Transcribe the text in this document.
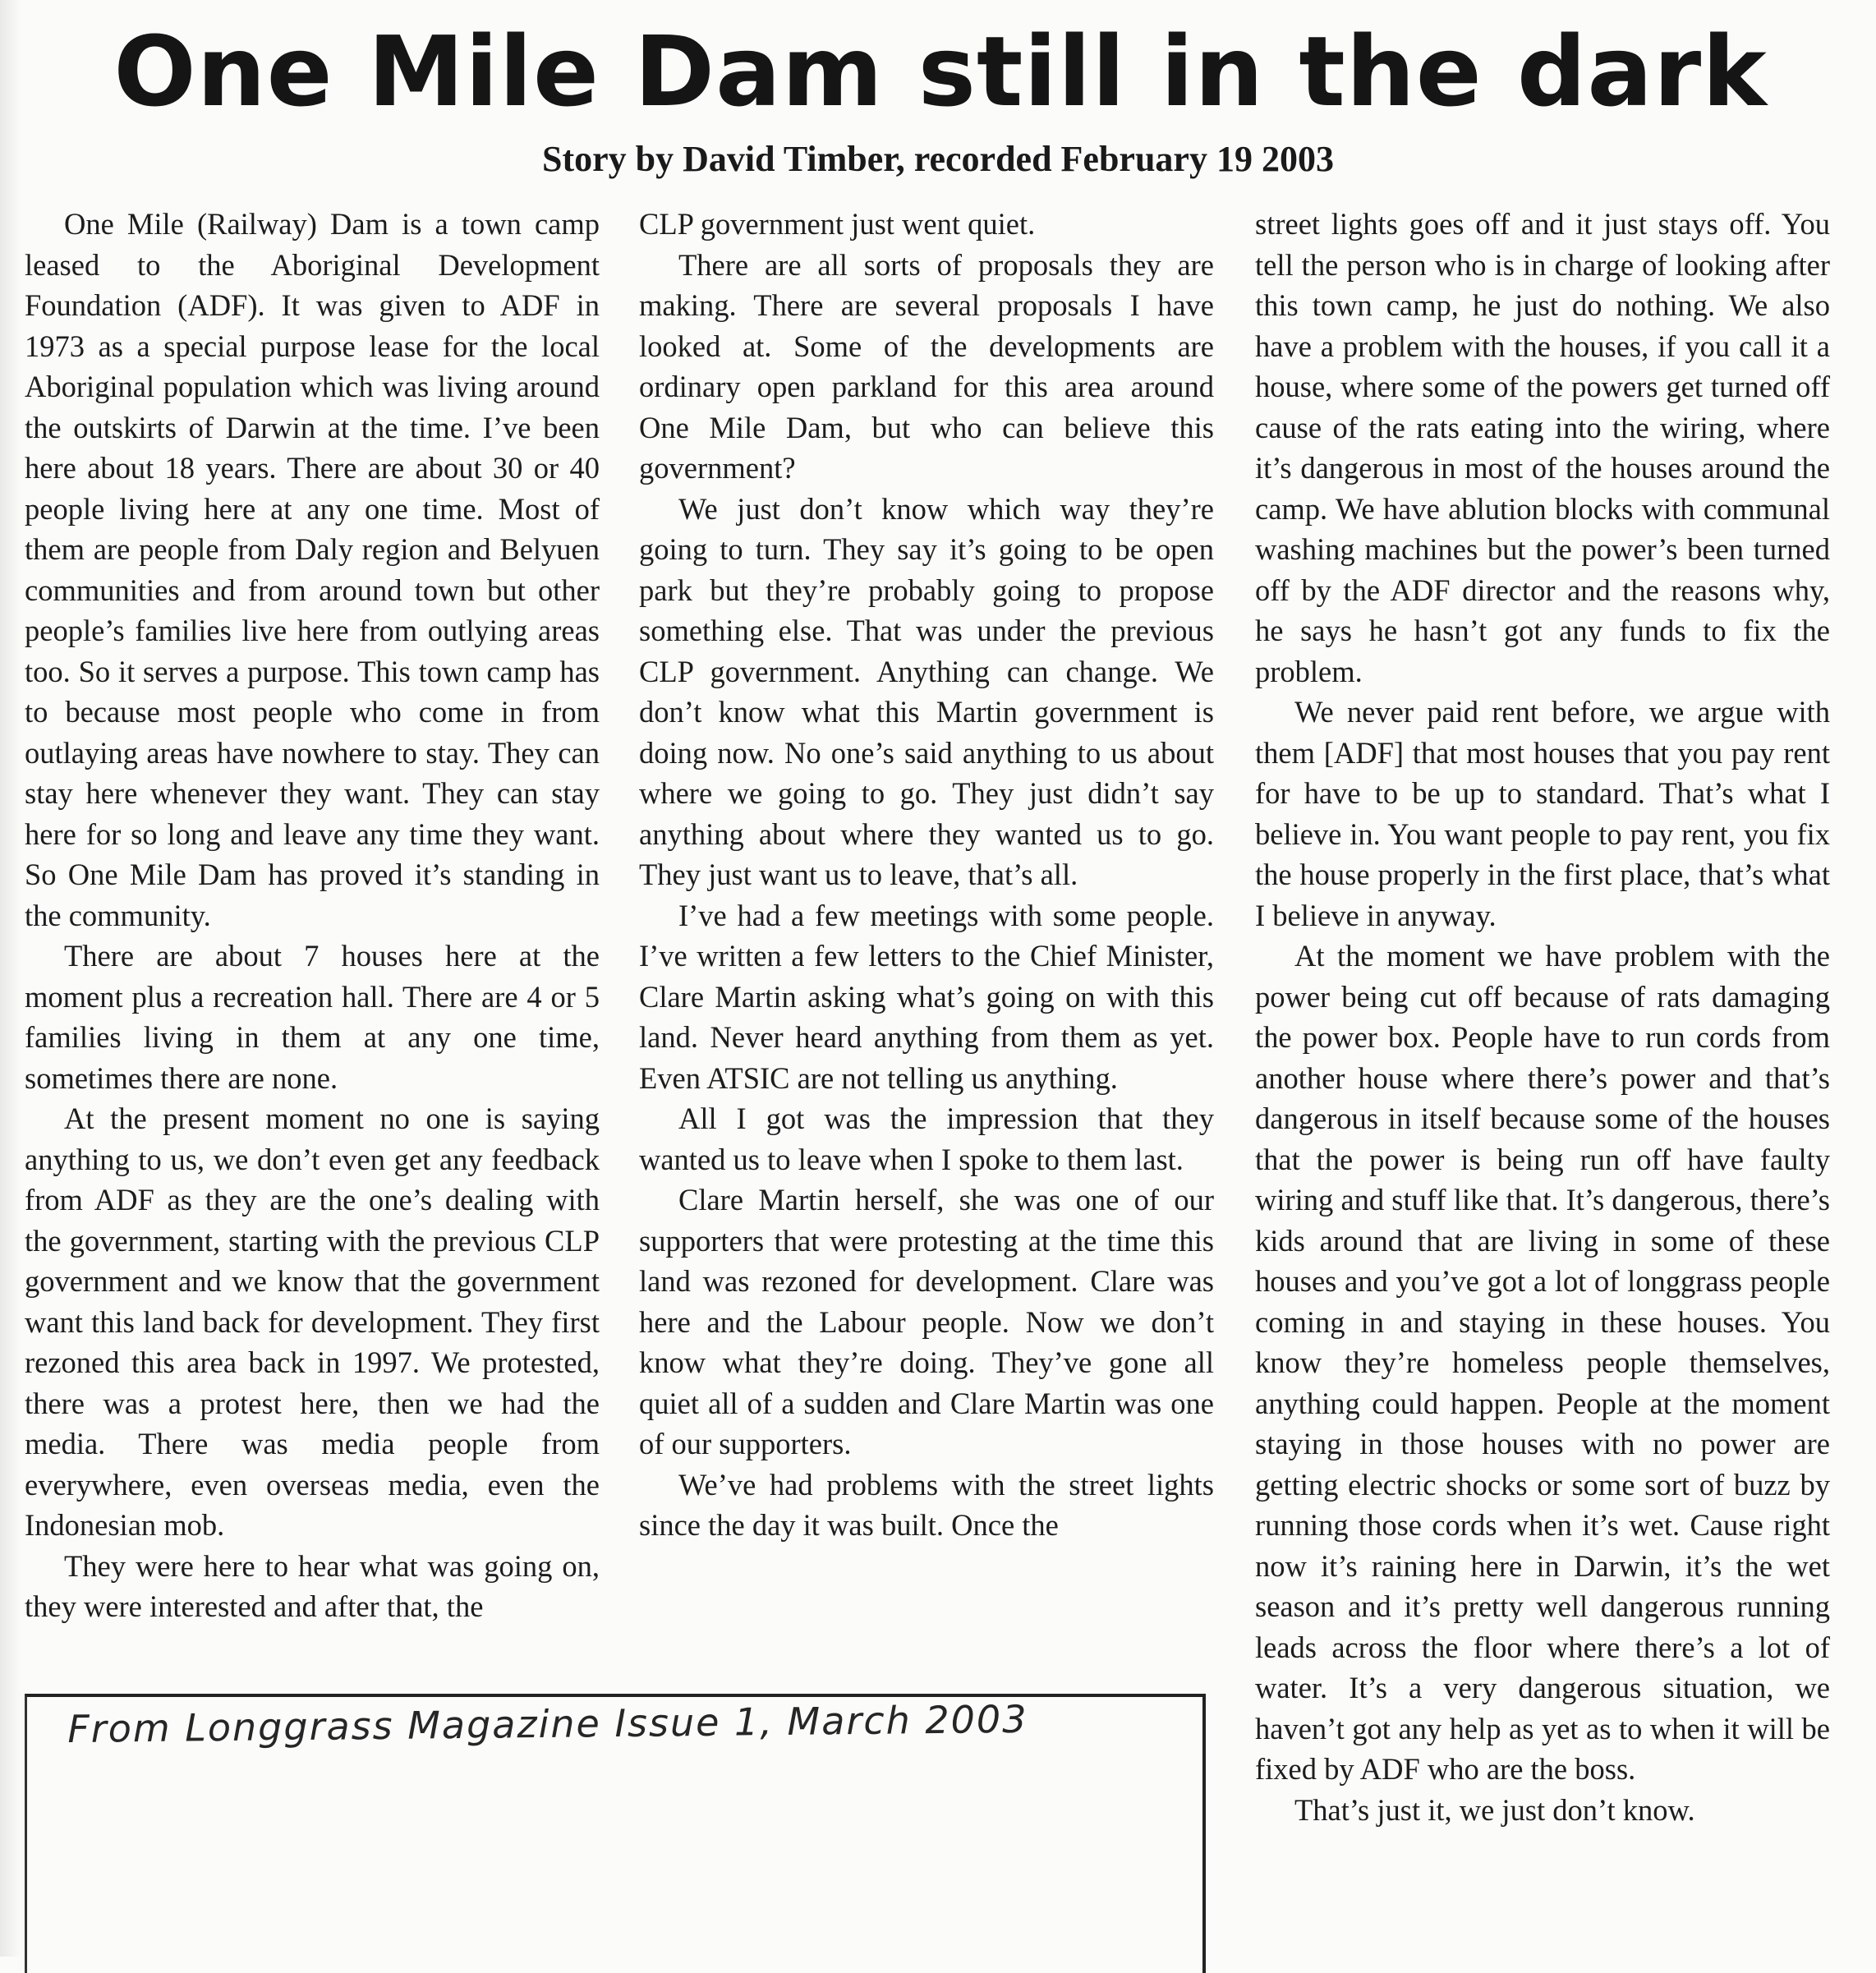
One Mile Dam still in the dark
Story by David Timber, recorded February 19 2003

One Mile (Railway) Dam is a town camp leased to the Aboriginal Development Foundation (ADF). It was given to ADF in 1973 as a special purpose lease for the local Aboriginal population which was living around the outskirts of Darwin at the time. I’ve been here about 18 years. There are about 30 or 40 people living here at any one time. Most of them are people from Daly region and Belyuen communities and from around town but other people’s families live here from outlying areas too. So it serves a purpose. This town camp has to because most people who come in from outlaying areas have nowhere to stay. They can stay here whenever they want. They can stay here for so long and leave any time they want. So One Mile Dam has proved it’s standing in the community.

There are about 7 houses here at the moment plus a recreation hall. There are 4 or 5 families living in them at any one time, sometimes there are none.

At the present moment no one is saying anything to us, we don’t even get any feedback from ADF as they are the one’s dealing with the government, starting with the previous CLP government and we know that the government want this land back for development. They first rezoned this area back in 1997. We protested, there was a protest here, then we had the media. There was media people from everywhere, even overseas media, even the Indonesian mob.

They were here to hear what was going on, they were interested and after that, the

CLP government just went quiet.

There are all sorts of proposals they are making. There are several proposals I have looked at. Some of the developments are ordinary open parkland for this area around One Mile Dam, but who can believe this government?

We just don’t know which way they’re going to turn. They say it’s going to be open park but they’re probably going to propose something else. That was under the previous CLP government. Anything can change. We don’t know what this Martin government is doing now. No one’s said anything to us about where we going to go. They just didn’t say anything about where they wanted us to go. They just want us to leave, that’s all.

I’ve had a few meetings with some people. I’ve written a few letters to the Chief Minister, Clare Martin asking what’s going on with this land. Never heard anything from them as yet. Even ATSIC are not telling us anything.

All I got was the impression that they wanted us to leave when I spoke to them last.

Clare Martin herself, she was one of our supporters that were protesting at the time this land was rezoned for development. Clare was here and the Labour people. Now we don’t know what they’re doing. They’ve gone all quiet all of a sudden and Clare Martin was one of our supporters.

We’ve had problems with the street lights since the day it was built. Once the

street lights goes off and it just stays off. You tell the person who is in charge of looking after this town camp, he just do nothing. We also have a problem with the houses, if you call it a house, where some of the powers get turned off cause of the rats eating into the wiring, where it’s dangerous in most of the houses around the camp. We have ablution blocks with communal washing machines but the power’s been turned off by the ADF director and the reasons why, he says he hasn’t got any funds to fix the problem.

We never paid rent before, we argue with them [ADF] that most houses that you pay rent for have to be up to standard. That’s what I believe in. You want people to pay rent, you fix the house properly in the first place, that’s what I believe in anyway.

At the moment we have problem with the power being cut off because of rats damaging the power box. People have to run cords from another house where there’s power and that’s dangerous in itself because some of the houses that the power is being run off have faulty wiring and stuff like that. It’s dangerous, there’s kids around that are living in some of these houses and you’ve got a lot of longgrass people coming in and staying in these houses. You know they’re homeless people themselves, anything could happen. People at the moment staying in those houses with no power are getting electric shocks or some sort of buzz by running those cords when it’s wet. Cause right now it’s raining here in Darwin, it’s the wet season and it’s pretty well dangerous running leads across the floor where there’s a lot of water. It’s a very dangerous situation, we haven’t got any help as yet as to when it will be fixed by ADF who are the boss.

That’s just it, we just don’t know.

From Longgrass Magazine Issue 1, March 2003
